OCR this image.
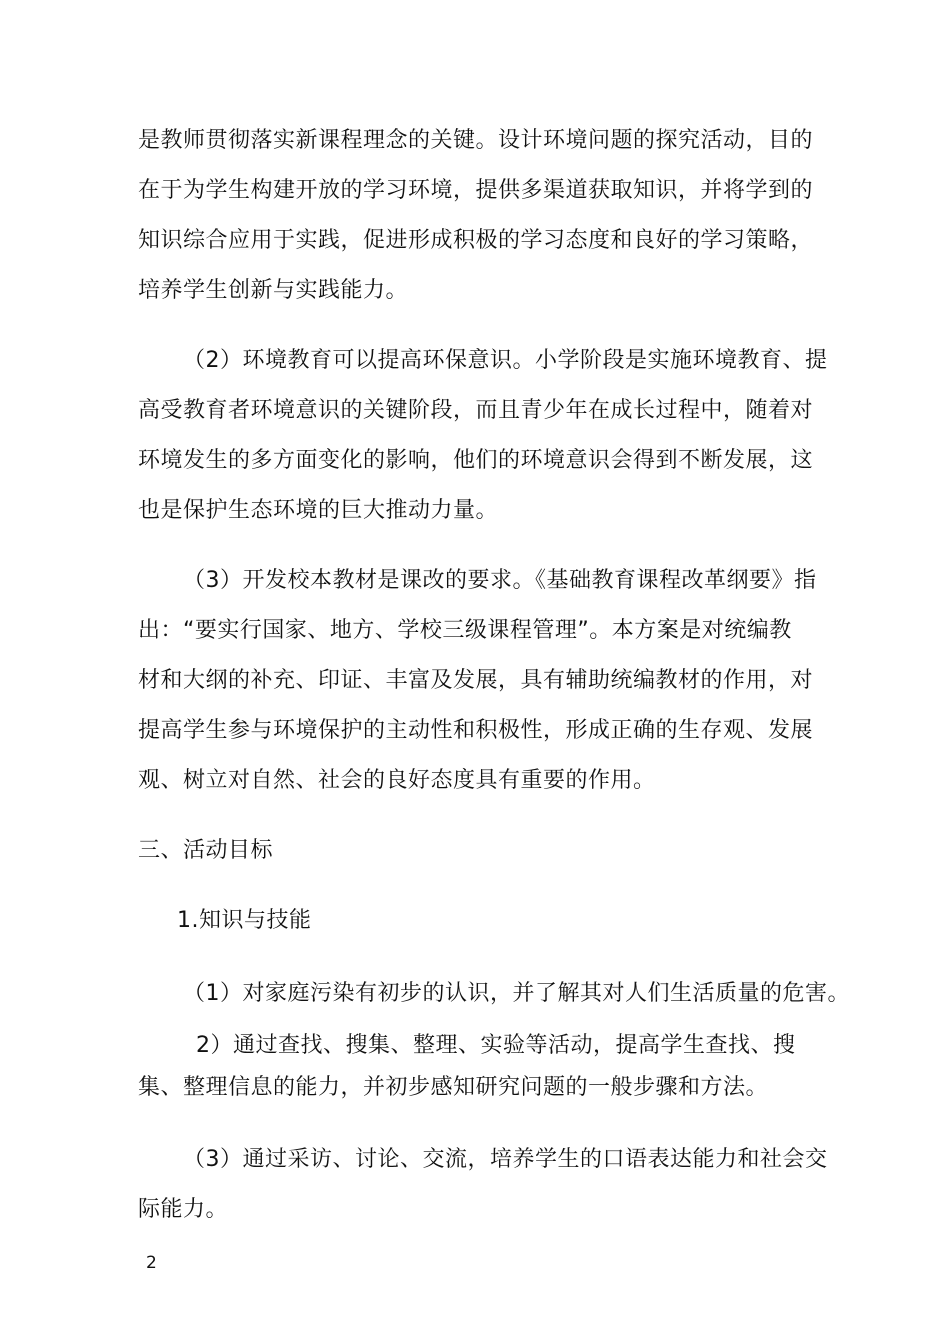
是教师贯彻落实新课程理念的关键。设计环境问题的探究活动，目的
在于为学生构建开放的学习环境，提供多渠道获取知识，并将学到的
知识综合应用于实践，促进形成积极的学习态度和良好的学习策略，
培养学生创新与实践能力。
（2）环境教育可以提高环保意识。小学阶段是实施环境教育、提
高受教育者环境意识的关键阶段，而且青少年在成长过程中，随着对
环境发生的多方面变化的影响，他们的环境意识会得到不断发展，这
也是保护生态环境的巨大推动力量。
（3）开发校本教材是课改的要求。《基础教育课程改革纲要》指
出：“要实行国家、地方、学校三级课程管理”。本方案是对统编教
材和大纲的补充、印证、丰富及发展，具有辅助统编教材的作用，对
提高学生参与环境保护的主动性和积极性，形成正确的生存观、发展
观、树立对自然、社会的良好态度具有重要的作用。
三、活动目标
1.知识与技能
（1）对家庭污染有初步的认识，并了解其对人们生活质量的危害。
2）通过查找、搜集、整理、实验等活动，提高学生查找、搜
集、整理信息的能力，并初步感知研究问题的一般步骤和方法。
（3）通过采访、讨论、交流，培养学生的口语表达能力和社会交
际能力。
2
